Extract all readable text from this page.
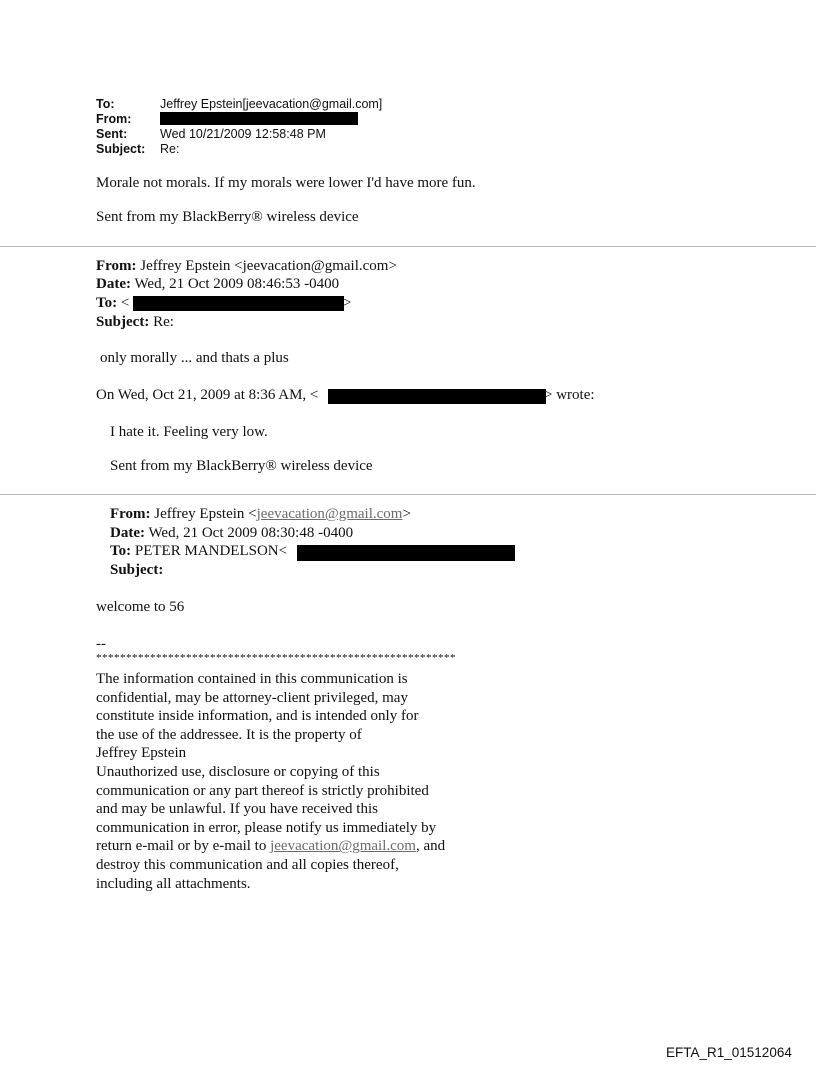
To:	Jeffrey Epstein[jeevacation@gmail.com]
From:
Sent:	Wed 10/21/2009 12:58:48 PM
Subject: Re:
Morale not morals. If my morals were lower I'd have more fun.
Sent from my BlackBerry® wireless device
From: Jeffrey Epstein <jeevacation@gmail.com>
Date: Wed, 21 Oct 2009 08:46:53 -0400
To: <	>
Subject: Re:
only morally ... and thats a plus
On Wed, Oct 21, 2009 at 8:36 AM, <	> wrote:
I hate it. Feeling very low.
Sent from my BlackBerry® wireless device
From: Jeffrey Epstein <jeevacation@gmail.com>
Date: Wed, 21 Oct 2009 08:30:48 -0400
To: PETER MANDELSON<
Subject:
welcome to 56
--
************************************************************
The information contained in this communication is
confidential, may be attorney-client privileged, may
constitute inside information, and is intended only for
the use of the addressee. It is the property of
Jeffrey Epstein
Unauthorized use, disclosure or copying of this
communication or any part thereof is strictly prohibited
and may be unlawful. If you have received this
communication in error, please notify us immediately by
return e-mail or by e-mail to jeevacation@gmail.com, and
destroy this communication and all copies thereof,
including all attachments.
EFTA_R1_01512064
